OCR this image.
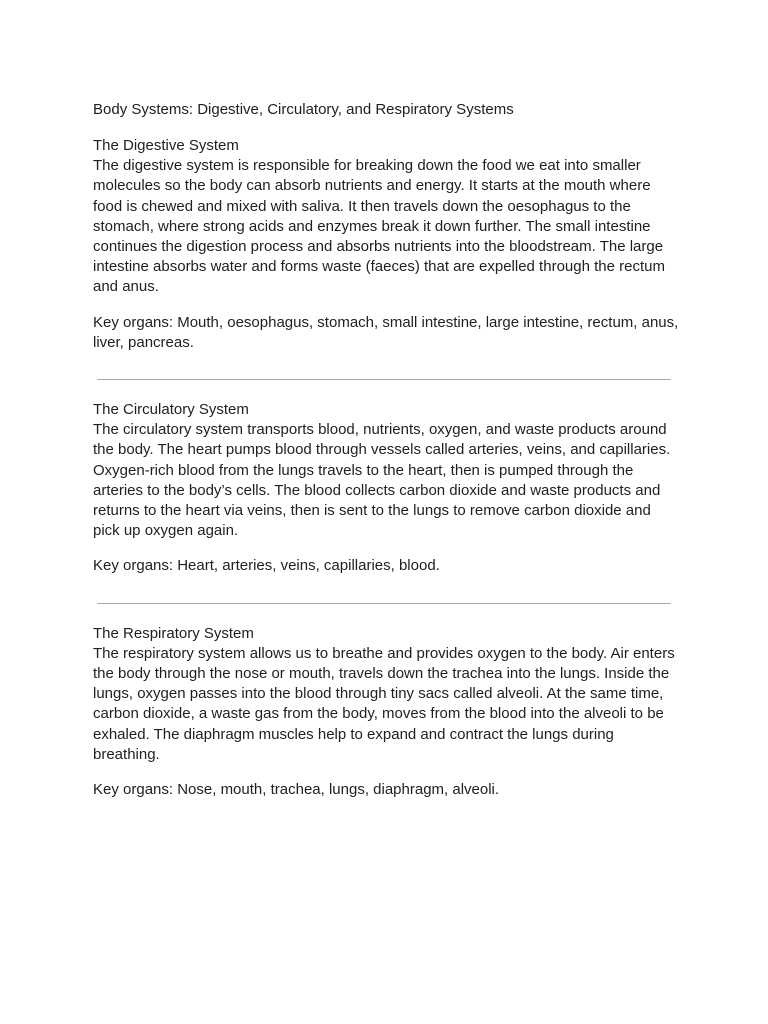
Body Systems: Digestive, Circulatory, and Respiratory Systems

The Digestive System

The digestive system is responsible for breaking down the food we eat into smaller molecules so the body can absorb nutrients and energy. It starts at the mouth where food is chewed and mixed with saliva. It then travels down the oesophagus to the stomach, where strong acids and enzymes break it down further. The small intestine continues the digestion process and absorbs nutrients into the bloodstream. The large intestine absorbs water and forms waste (faeces) that are expelled through the rectum and anus.

Key organs: Mouth, oesophagus, stomach, small intestine, large intestine, rectum, anus, liver, pancreas.

The Circulatory System

The circulatory system transports blood, nutrients, oxygen, and waste products around the body. The heart pumps blood through vessels called arteries, veins, and capillaries. Oxygen-rich blood from the lungs travels to the heart, then is pumped through the arteries to the body’s cells. The blood collects carbon dioxide and waste products and returns to the heart via veins, then is sent to the lungs to remove carbon dioxide and pick up oxygen again.

Key organs: Heart, arteries, veins, capillaries, blood.

The Respiratory System

The respiratory system allows us to breathe and provides oxygen to the body. Air enters the body through the nose or mouth, travels down the trachea into the lungs. Inside the lungs, oxygen passes into the blood through tiny sacs called alveoli. At the same time, carbon dioxide, a waste gas from the body, moves from the blood into the alveoli to be exhaled. The diaphragm muscles help to expand and contract the lungs during breathing.

Key organs: Nose, mouth, trachea, lungs, diaphragm, alveoli.
